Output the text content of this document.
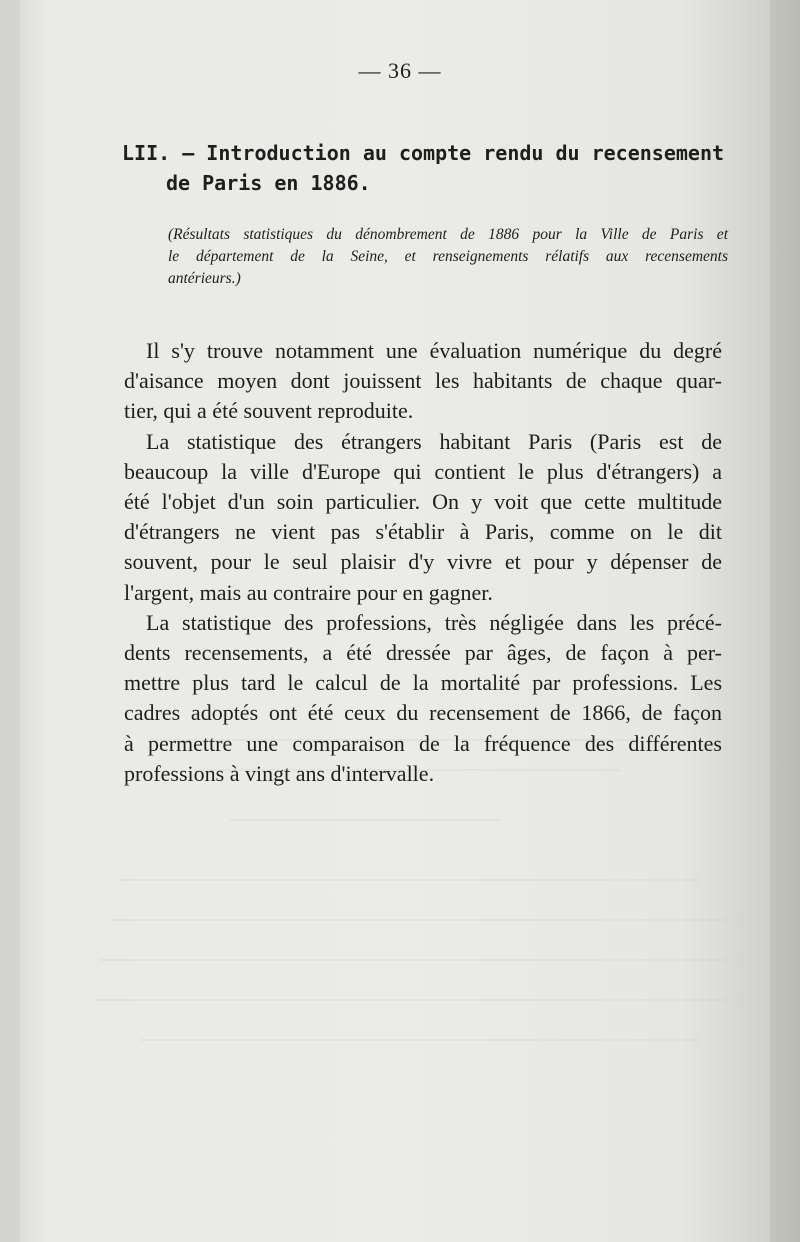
— 36 —
LII. — Introduction au compte rendu du recensement
de Paris en 1886.
(Résultats statistiques du dénombrement de 1886 pour la Ville de Paris et
le département de la Seine, et renseignements rélatifs aux recensements
antérieurs.)

Il s'y trouve notamment une évaluation numérique du degré
d'aisance moyen dont jouissent les habitants de chaque quar-
tier, qui a été souvent reproduite.

La statistique des étrangers habitant Paris (Paris est de
beaucoup la ville d'Europe qui contient le plus d'étrangers) a
été l'objet d'un soin particulier. On y voit que cette multitude
d'étrangers ne vient pas s'établir à Paris, comme on le dit
souvent, pour le seul plaisir d'y vivre et pour y dépenser de
l'argent, mais au contraire pour en gagner.

La statistique des professions, très négligée dans les précé-
dents recensements, a été dressée par âges, de façon à per-
mettre plus tard le calcul de la mortalité par professions. Les
cadres adoptés ont été ceux du recensement de 1866, de façon
à permettre une comparaison de la fréquence des différentes
professions à vingt ans d'intervalle.
